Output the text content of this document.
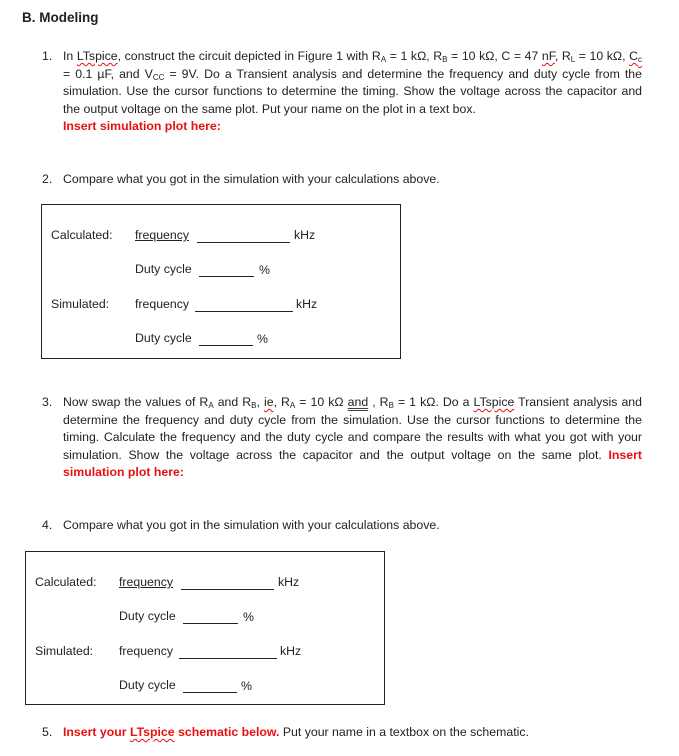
B. Modeling
1. In LTspice, construct the circuit depicted in Figure 1 with $R_A = 1$ kΩ, $R_B = 10$ kΩ, C = 47 nF, $R_L = 10$ kΩ, $C_c = 0.1$ µF, and $V_{CC} = 9V$. Do a Transient analysis and determine the frequency and duty cycle from the simulation. Use the cursor functions to determine the timing. Show the voltage across the capacitor and the output voltage on the same plot. Put your name on the plot in a text box.
Insert simulation plot here:
2. Compare what you got in the simulation with your calculations above.
Calculated: frequency	kHz
Duty cycle	%
Simulated: frequency	kHz
Duty cycle	%
3. Now swap the values of $R_A$ and $R_B$, ie, $R_A = 10$ kΩ and , $R_B = 1$ kΩ. Do a LTspice Transient analysis and determine the frequency and duty cycle from the simulation. Use the cursor functions to determine the timing. Calculate the frequency and the duty cycle and compare the results with what you got with your simulation. Show the voltage across the capacitor and the output voltage on the same plot. Insert simulation plot here:
4. Compare what you got in the simulation with your calculations above.
Calculated: frequency	kHz
Duty cycle	%
Simulated: frequency	kHz
Duty cycle	%
5. Insert your LTspice schematic below. Put your name in a textbox on the schematic.
